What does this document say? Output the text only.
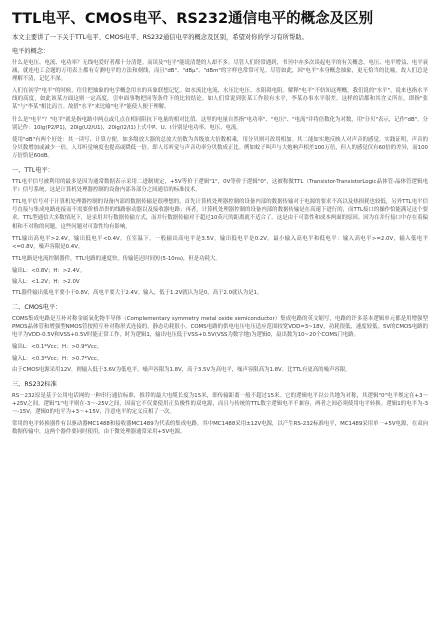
TTL电平、CMOS电平、RS232通信电平的概念及区别
本文主要讲了一下关于TTL电平、CMOS电平、RS232通信电平的概念及区别，希望对你的学习有所帮助。
电平的概念：

什么是电压、电流、电功率？无线电爱好者都十分清楚。而谈及"电平"能说清楚的人却不多。尽管人们经常遇到，书刊中亦多次谈起电平的有关概念。电压、电平增益、电平衰减，就连电工会题的万用表上都有专测电平的方法和刻线，而且"dB"、"dBμ"、"dBm"的字样也常常可见。尽管如此，因"电平"本身概念抽象，更无恰当的比喻，故人们总是理解不清，记忆不深。

人们在初学"电平"的时候，往往把抽象的电学概念用水的具象联想记忆。如水流比电流、水压比电压、水阻碍电阻。解释"电平"不妨知这理概，我们说的"水平"，说来也指水平线的高度，如此该某方面这则一定高度，引申面事物把同等条件下的比较结论。如人们常说到张某工作很有水平，李某办事水平很差。这样的话都和其含义所在。即指"张某"与"李某"相比而言。故借"水平"来比喻"电平"能使人便于理解。

什么是"电平"？"电平"就是指电路中两点或几点在相同阻抗下电量的相对比值。这里的电量自然指"电功率"、"电压"、"电流"并将倍数化为对数，用"分贝"表示，记作"dB"。分别记作：10lg(P2/P1)，20lg(U2/U1)，20lg(I2/I1)上式中P、U、I分别是电功率、电压、电流。

使用"dB"有两个好处：其一读写、计算方便。如多级放大器的总放大倍数为各级放大倍数相乘，用分贝则可改用相加。其二能如实地反映人对声音的感觉。实践证明，声音的分贝数增加或减少一倍，人耳听觉响度也提高或降低一倍。即人耳听觉与声音功率分贝数成正比。例如蚊子叫声与大炮响声相差100万倍，但人的感觉仅有60倍的差异，而100万倍恰是60dB。

一、TTL电平：

TTL电平信号被利用的最多是因为通常数据表示采用二进制规定，+5V等价于逻辑"1"，0V等价于逻辑"0"，这被称做TTL（Transistor-TransistorLogic晶体管-晶体管逻辑电平）信号系统，这是计算机处理器控制的设备内部各部分之间通信的标准技术。

TTL电平信号对于计算机处理器控制的设备内部的数据传输是很理想的，首先计算机处理器控制的设备内部的数据传输对于电源的要求不高以及热损耗也较低，另外TTL电平信号直接与集成电路连接而不需要价格昂贵的线路驱动器以及接收器电路；再者，计算机处理器控制的设备内部的数据传输是在高速下进行的，而TTL接口的操作恰能满足这个要求。TTL型通信大多数情况下，是采用并行数据传输方式，而并行数据传输对于超过10英尺的距离就不适合了。这是由于可靠性和成本两面的原因。因为在并行接口中存在着偏相和不对称的问题，这些问题对可靠性均有影响。

TTL输出高电平>2.4V，输出低电平<0.4V。在室温下，一般输出高电平是3.5V，输出低电平是0.2V。最小输入高电平和低电平：输入高电平>=2.0V，输入低电平<=0.8V，噪声容限是0.4V。

TTL电路是电流控制器件，TTL电路的速度快，传输延迟时间短(5-10ns)，但是功耗大。

输出L：<0.8V；H：>2.4V。

输入L：<1.2V；H：>2.0V

TTL器件输出低电平要小于0.8V，高电平要大于2.4V。输入，低于1.2V就认为是0，高于2.0就认为是1。

二、CMOS电平：

COMS集成电路是互补对称金属氧化物半导体（Complementary symmetry metal oxide semiconductor）集成电路的英文缩写，电路的许多基本逻辑单元都是用增强型PMOS晶体管和增强型NMOS管按照互补对称形式连接的，静态功耗很小。COMS电路的供电电压电压适应范围较宽VDD=3~18V，功耗很低，速度较低。5V的CMOS电路的电平为VDD-0.5V和VSS+0.5V时能正常工作，时为逻辑1，输出电压低于VSS+0.5V(VSS为数字地)为逻辑0，扇出数为10~20个COMS门电路。

输出L：<0.1*Vcc；H：>0.9*Vcc。

输入L：<0.3*Vcc；H：>0.7*Vcc。

由于CMOS电源采用12V，则输入低于3.6V为低电平，噪声容限为1.8V，高于3.5V为高电平，噪声容限高为1.8V。比TTL有更高的噪声容限。

三、RS232标准

RS－232原是基于公用电话网的一种串行通信标准，推荐的最大电缆长度为15米，即传输距离一般不超过15米。它的逻辑电平以公共地为对称，其逻辑"0"电平规定在+3～+25V之间，逻辑"1"电平则在-3～-25V之间，因而它不仅要使用正负极性的双电源，而且与传统的TTL数字逻辑电平不兼容，两者之间必须使用电平转换。逻辑1的电平为-3～-15V，逻辑0的电平为+3～+15V，注意电平的定义反相了一次。

常用的电平转换器件有以驱动器MC1488和接收器MC1489为代表的集成电路。其中MC1488采用±12V电源，以产生RS-232标准电平，MC1489采用单一+5V电源，在双向数据传输中，这两个器件要同时使用。由于微处理器通常采用+5V电源。
